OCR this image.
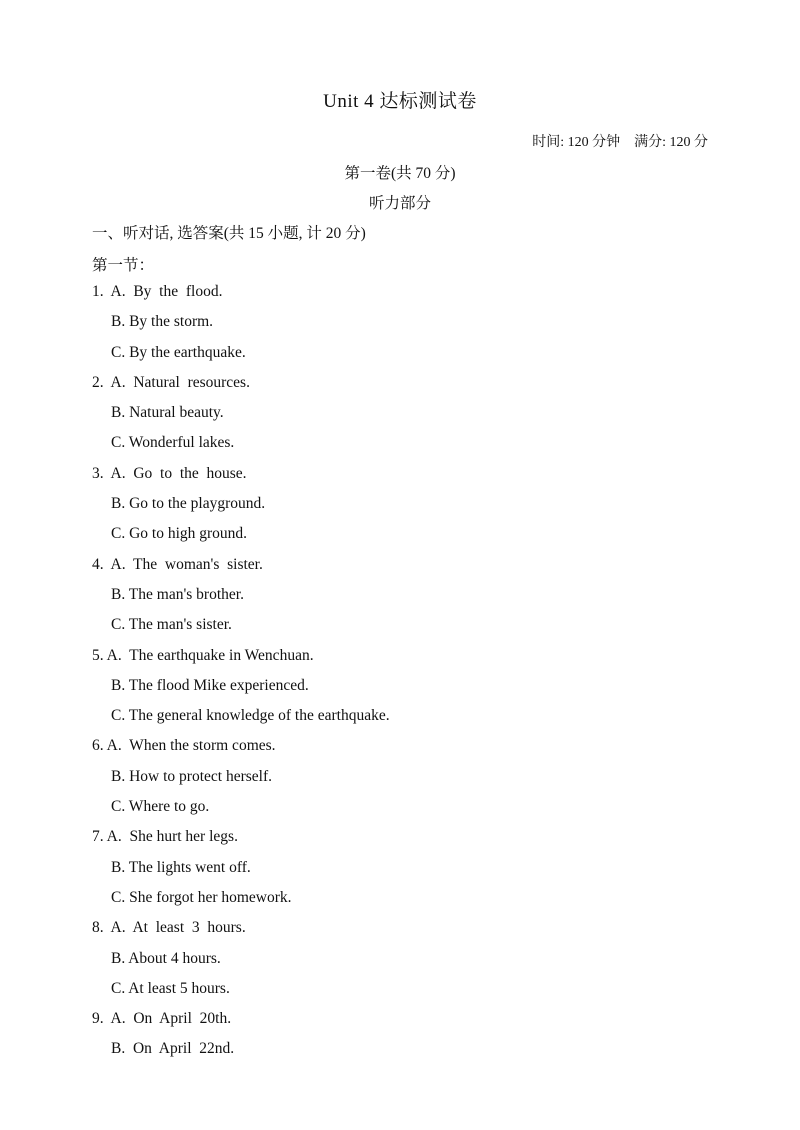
Unit 4 达标测试卷
时间: 120 分钟    满分: 120 分
第一卷(共 70 分)
听力部分
一、听对话, 选答案(共 15 小题, 计 20 分)
第一节：
1.  A.  By  the  flood.
B. By the storm.
C. By the earthquake.
2.  A.  Natural  resources.
B. Natural beauty.
C. Wonderful lakes.
3.  A.  Go  to  the  house.
B. Go to the playground.
C. Go to high ground.
4.  A.  The  woman's  sister.
B. The man's brother.
C. The man's sister.
5. A.  The earthquake in Wenchuan.
B. The flood Mike experienced.
C. The general knowledge of the earthquake.
6. A.  When the storm comes.
B. How to protect herself.
C. Where to go.
7. A.  She hurt her legs.
B. The lights went off.
C. She forgot her homework.
8.  A.  At  least  3  hours.
B. About 4 hours.
C. At least 5 hours.
9.  A.  On  April  20th.
B.  On  April  22nd.
